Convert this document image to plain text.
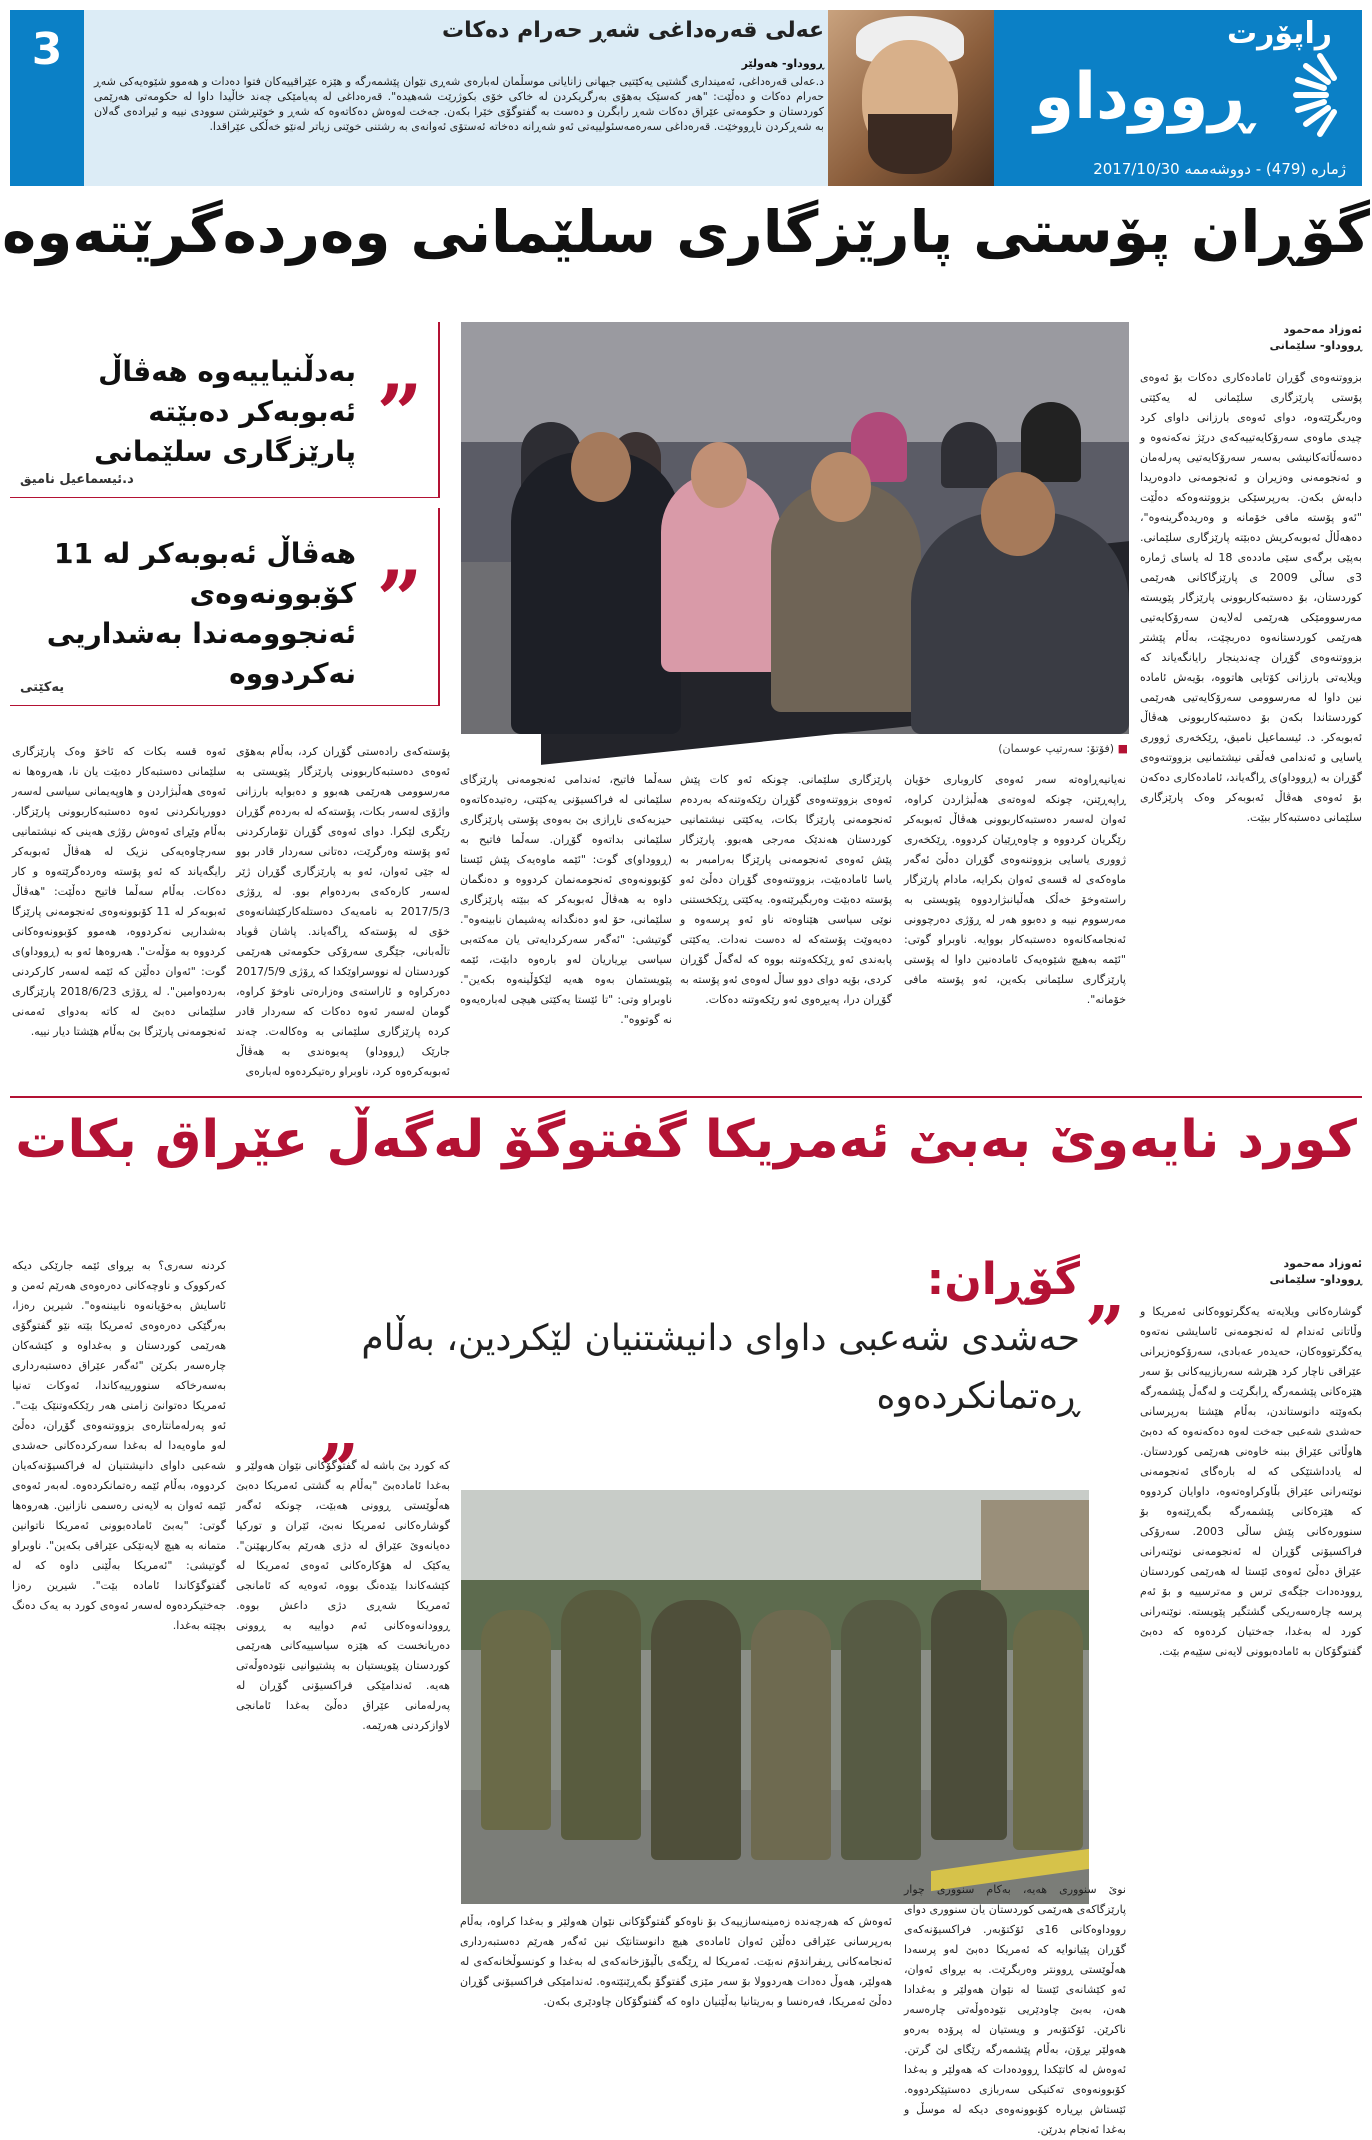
3	عەلی قەرەداغی شەڕ حەرام دەکات
ڕووداو- هەولێر

د.عەلی قەرەداغی، ئەمینداری گشتیی یەکێتیی جیهانی زانایانی موسڵمان لەبارەی شەڕی نێوان پێشمەرگە و هێزە عێراقییەکان فتوا دەدات و هەموو شێوەیەکی شەڕ حەرام دەکات و دەڵێت: "هەر کەسێک بەهۆی بەرگریکردن لە خاکی خۆی بکوژرێت شەهیدە". قەرەداغی لە پەیامێکی چەند خاڵیدا داوا لە حکومەتی هەرێمی کوردستان و حکومەتی عێراق دەکات شەڕ رابگرن و دەست بە گفتوگۆی خێرا بکەن. جەخت لەوەش دەکاتەوە کە شەڕ و خوێنڕشتن سوودی نییە و ئیرادەی گەلان بە شەڕکردن ناڕووخێت. قەرەداغی سەرەمەسئولییەتی ئەو شەڕانە دەخاتە ئەستۆی ئەوانەی بە رشتنی خوێنی زیاتر لەنێو خەڵکی عێراقدا.

راپۆرت
ڕوودا‌و
ژماره (479) - دووشه‌ممه 2017/10/30
گۆڕان پۆستی پارێزگاری سلێمانی وەردەگرێتەوە
ئەوزاد مەحمود
ڕووداو- سلێمانی
بزووتنەوەی گۆڕان ئامادەکاری دەکات بۆ ئەوەی پۆستی پارێزگاری سلێمانی لە یەکێتی وەربگرێتەوە، دوای ئەوەی بارزانی داوای کرد چیدی ماوەی سەرۆکایەتییەکەی درێژ نەکەنەوە و دەسەڵاتەکانیشی بەسەر سەرۆکایەتیی پەرلەمان و ئەنجومەنی وەزیران و ئەنجومەنی دادوەریدا دابەش بکەن. بەرپرسێکی بزووتنەوەکە دەڵێت "ئەو پۆستە مافی خۆمانە و وەریدەگرینەوە"، دەهەڵاڵ ئەبوبەکریش دەبێتە پارێزگاری سلێمانی. بەپێی برگەی سێی ماددەی 18 لە یاسای ژمارە 3ی ساڵی 2009 ی پارێزگاکانی هەرێمی کوردستان، بۆ دەستبەکاربوونی پارێزگار پێویستە مەرسوومێکی هەرێمی لەلایەن سەرۆکایەتیی هەرێمی کوردستانەوە دەربچێت، بەڵام پێشتر بزووتنەوەی گۆڕان چەندینجار رایانگەیاند کە ویلایەتی بارزانی کۆتایی هاتووە، بۆیەش ئامادە نین داوا لە مەرسوومی سەرۆکایەتیی هەرێمی کوردستاندا بکەن بۆ دەستبەکاربوونی هەڤاڵ ئەبوبەکر. د. ئیسماعیل نامیق، ڕێکخەری ژووری یاسایی و ئەندامی فەڵقی نیشتمانیی بزووتنەوەی گۆڕان بە (ڕووداو)ی ڕاگەیاند، ئامادەکاری دەکەن بۆ ئەوەی هەڤاڵ ئەبوبەکر وەک پارێزگاری سلێمانی دەستبەکار ببێت.
■ (فۆتۆ: سەرتیپ عوسمان)
„
بەدڵنیاییەوە هەڤاڵ ئەبوبەکر دەبێتە پارێزگاری سلێمانی
د.ئیسماعیل نامیق
„
هەڤاڵ ئەبوبەکر لە 11 کۆبوونەوەی ئەنجوومەندا بەشداریی نەکردووە
یەکێتی
نەیانیەڕاوەتە سەر ئەوەی کاروباری خۆیان ڕاپەڕێنن، چونکە لەوەتەی هەڵبژاردن کراوە، ئەوان لەسەر دەستبەکاربوونی هەڤاڵ ئەبوبەکر رێگریان کردووە و چاوەڕێیان کردووە. ڕێکخەری ژووری یاسایی بزووتنەوەی گۆڕان دەڵێ ئەگەر ماوەکەی لە قسەی ئەوان بکرایە، مادام پارێزگار راستەوخۆ خەڵک هەڵیانبژاردووە پێویستی بە مەرسووم نییە و دەبوو هەر لە ڕۆژی دەرچوونی ئەنجامەکانەوە دەستبەکار بووایە. ناوبراو گوتی: "ئێمە بەهیچ شێوەیەک ئامادەنین داوا لە پۆستی پارێزگاری سلێمانی بکەین، ئەو پۆستە مافی خۆمانە".
پارێزگاری سلێمانی. چونکە ئەو کات پێش ئەوەی بزووتنەوەی گۆڕان رێکەوتنەکە بەردەم ئەنجومەنی پارێزگا بکات، یەکێتی نیشتمانیی کوردستان هەندێک مەرجی هەبوو. پارێزگار پێش ئەوەی ئەنجومەنی پارێزگا بەرامبەر بە یاسا ئامادەبێت، بزووتنەوەی گۆڕان دەڵێ ئەو پۆستە دەبێت وەربگیرێتەوە. یەکێتی ڕێکخستنی نوێی سیاسی هێناوەتە ناو ئەو پرسەوە و دەیەوێت پۆستەکە لە دەست نەدات. یەکێتی پابەندی ئەو ڕێککەوتنە بووە کە لەگەڵ گۆڕان کردی، بۆیە دوای دوو ساڵ لەوەی ئەو پۆستە بە گۆڕان درا، پەیڕەوی ئەو رێکەوتنە دەکات.
سەڵما فاتیح، ئەندامی ئەنجومەنی پارێزگای سلێمانی لە فراکسیۆنی یەکێتی، رەتیدەکاتەوە حیزبەکەی ناڕازی بێ بەوەی پۆستی پارێزگاری سلێمانی بداتەوە گۆڕان. سەڵما فاتیح بە (ڕووداو)ی گوت: "ئێمە ماوەیەک پێش ئێستا کۆبوونەوەی ئەنجومەنمان کردووە و دەنگمان داوە بە هەڤاڵ ئەبوبەکر کە ببێتە پارێزگاری سلێمانی، حۆ لەو دەنگدانە پەشیمان نابینەوە". گوتیشی: "ئەگەر سەرکردایەتی یان مەکتەبی سیاسی بڕیاریان لەو بارەوە دابێت، ئێمە پێویستمان بەوە هەیە لێکۆڵینەوە بکەین". ناوبراو وتی: "تا ئێستا یەکێتی هیچی لەبارەیەوە نە گوتووە".
پۆستەکەی رادەستی گۆڕان کرد، بەڵام بەهۆی ئەوەی دەستبەکاربوونی پارێزگار پێویستی بە مەرسوومی هەرێمی هەبوو و دەبوایە بارزانی واژۆی لەسەر بکات، پۆستەکە لە بەردەم گۆڕان رێگری لێکرا. دوای ئەوەی گۆڕان تۆمارکردنی ئەو پۆستە وەرگرێت، دەتانی سەردار قادر بوو لە جێی ئەوان، ئەو بە پارێزگاری گۆڕان ژێر لەسەر کارەکەی بەردەوام بوو. لە ڕۆژی 2017/5/3 بە نامەیەک دەستلەکارکێشانەوەی خۆی لە پۆستەکە ڕاگەیاند. پاشان ڤوباد تاڵەبانی، جێگری سەرۆکی حکومەتی هەرێمی کوردستان لە نووسراوێکدا کە ڕۆژی 2017/5/9 دەرکراوە و ئاراستەی وەزارەتی ناوخۆ کراوە، گومان لەسەر ئەوە دەکات کە سەردار قادر کردە پارێزگاری سلێمانی بە وەکالەت. چەند جارێک (ڕووداو) پەیوەندی بە هەڤاڵ ئەبوبەکرەوە کرد، ناوبراو رەتیکردەوە لەبارەی
ئەوە قسە بکات کە ئاخۆ وەک پارێزگاری سلێمانی دەستبەکار دەبێت یان نا، هەروەها نە ئەوەی هەڵبژاردن و هاوپەیمانی سیاسی لەسەر دوورپانکردنی ئەوە دەستبەکاربوونی پارێزگار. بەڵام وێڕای ئەوەش رۆژی هەینی کە نیشتمانیی سەرچاوەیەکی نزیک لە هەڤاڵ ئەبوبەکر رایگەیاند کە ئەو پۆستە وەردەگرێتەوە و کار دەکات. بەڵام سەڵما فاتیح دەڵێت: "هەڤاڵ ئەبوبەکر لە 11 کۆبوونەوەی ئەنجومەنی پارێزگا بەشداریی نەکردووە، هەموو کۆبوونەوەکانی کردووە بە مۆڵەت". هەروەها ئەو بە (ڕووداو)ی گوت: "ئەوان دەڵێن کە ئێمە لەسەر کارکردنی بەردەوامین". لە ڕۆژی 2018/6/23 پارێزگاری سلێمانی دەبێ لە کاتە بەدوای ئەمەنی ئەنجومەنی پارێزگا بێ بەڵام هێشتا دیار نییە.
کورد نایەوێ بەبێ ئەمریکا گفتوگۆ لەگەڵ عێراق بکات
ئەوزاد مەحمود
ڕووداو- سلێمانی
گوشارەکانی ویلایەتە یەکگرتووەکانی ئەمریکا و وڵاتانی ئەندام لە ئەنجومەنی ئاسایشی نەتەوە یەکگرتووەکان، حەیدەر عەبادی، سەرۆکوەزیرانی عێراقی ناچار کرد هێرشە سەربازییەکانی بۆ سەر هێزەکانی پێشمەرگە ڕابگرێت و لەگەڵ پێشمەرگە بکەوێتە دانوستاندن، بەڵام هێشتا بەرپرسانی حەشدی شەعبی جەخت لەوە دەکەنەوە کە دەبێ هاوڵاتی عێراق ببنە خاوەنی هەرێمی کوردستان. لە یادداشتێکی کە لە بارەگای ئەنجومەنی نوێنەرانی عێراق بڵاوکراوەتەوە، داوایان کردووە کە هێزەکانی پێشمەرگە بگەڕێنەوە بۆ سنوورەکانی پێش ساڵی 2003. سەرۆکی فراکسیۆنی گۆڕان لە ئەنجومەنی نوێنەرانی عێراق دەڵێ ئەوەی ئێستا لە هەرێمی کوردستان ڕوودەدات جێگەی ترس و مەترسییە و بۆ ئەم پرسە چارەسەریکی گشتگیر پێویستە. نوێنەرانی کورد لە بەغدا، جەختیان کردەوە کە دەبێ گفتوگۆکان بە ئامادەبوونی لایەنی سێیەم بێت.
„
گۆڕان:
حەشدی شەعبی داوای دانیشتنیان لێکردین، بەڵام ڕەتمانکردەوە
„
کردنە سەری؟ بە بڕوای ئێمە جارێکی دیکە کەرکووک و ناوچەکانی دەرەوەی هەرێم ئەمن و ئاسایش بەخۆیانەوە نابیننەوە". شیرین رەزا، بەرگێکی دەرەوەی ئەمریکا بێتە نێو گفتوگۆی هەرێمی کوردستان و بەغداوە و کێشەکان چارەسەر بکرێن "ئەگەر عێراق دەستبەرداری بەسەرخاکە سنوورییەکاندا، ئەوکات تەنیا ئەمریکا دەتوانێ زامنی هەر رێککەوتنێک بێت". ئەو پەرلەمانتارەی بزووتنەوەی گۆڕان، دەڵێ لەو ماوەیەدا لە بەغدا سەرکردەکانی حەشدی شەعبی داوای دانیشتنیان لە فراکسیۆنەکەیان کردووە، بەڵام ئێمە رەتمانکردەوە. لەبەر ئەوەی ئێمە ئەوان بە لایەنی رەسمی نازانین. هەروەها گوتی: "بەبێ ئامادەبوونی ئەمریکا ناتوانین متمانە بە هیچ لایەنێکی عێراقی بکەین". ناوبراو گوتیشی: "ئەمریکا بەڵێنی داوە کە لە گفتوگۆکاندا ئامادە بێت". شیرین رەزا جەختیکردەوە لەسەر ئەوەی کورد بە یەک دەنگ بچێتە بەغدا.
کە کورد بێ باشە لە گفتوگۆکانی نێوان هەولێر و بەغدا ئامادەبێ "بەڵام بە گشتی ئەمریکا دەبێ هەڵوێستی ڕوونی هەبێت، چونکە ئەگەر گوشارەکانی ئەمریکا نەبێ، ئێران و تورکیا دەیانەوێ عێراق لە دژی هەرێم بەکاربهێنن". یەکێک لە هۆکارەکانی ئەوەی ئەمریکا لە کێشەکاندا بێدەنگ بووە، ئەوەیە کە ئامانجی ئەمریکا شەڕی دژی داعش بووە. ڕوودانەوەکانی ئەم دواییە بە ڕوونی دەریانخست کە هێزە سیاسییەکانی هەرێمی کوردستان پێویستیان بە پشتیوانیی نێودەوڵەتی هەیە. ئەندامێکی فراکسیۆنی گۆڕان لە پەرلەمانی عێراق دەڵێ بەغدا ئامانجی لاوازکردنی هەرێمە.
نوێ سنووری هەیە، بەکام سنووری چوار پارێزگاکەی هەرێمی کوردستان یان سنووری دوای رووداوەکانی 16ی ئۆکتۆبەر. فراکسیۆنەکەی گۆڕان پێیانوایە کە ئەمریکا دەبێ لەو پرسەدا هەڵوێستی ڕوونتر وەربگرێت. بە بڕوای ئەوان، ئەو کێشانەی ئێستا لە نێوان هەولێر و بەغدادا هەن، بەبێ چاودێریی نێودەوڵەتی چارەسەر ناکرێن. ئۆکتۆبەر و ویستیان لە پرۆدە بەرەو هەولێر بڕۆن، بەڵام پێشمەرگە رێگای لێ گرتن. ئەوەش لە کاتێکدا ڕوودەدات کە هەولێر و بەغدا کۆبوونەوەی تەکنیکی سەربازی دەستپێکردووە. ئێستاش بڕیارە کۆبوونەوەی دیکە لە موسڵ و بەغدا ئەنجام بدرێن.
ئەوەش کە هەرچەندە زەمینەسازییەک بۆ ناوەکو گفتوگۆکانی نێوان هەولێر و بەغدا کراوە، بەڵام بەرپرسانی عێراقی دەڵێن ئەوان ئامادەی هیچ دانوستانێک نین ئەگەر هەرێم دەستبەرداری ئەنجامەکانی ڕیفراندۆم نەبێت. ئەمریکا لە ڕێگەی باڵیۆزخانەکەی لە بەغدا و کونسوڵخانەکەی لە هەولێر، هەوڵ دەدات هەردوولا بۆ سەر مێزی گفتوگۆ بگەڕێنێتەوە. ئەندامێکی فراکسیۆنی گۆڕان دەڵێ ئەمریکا، فەرەنسا و بەریتانیا بەڵێنیان داوە کە گفتوگۆکان چاودێری بکەن.
